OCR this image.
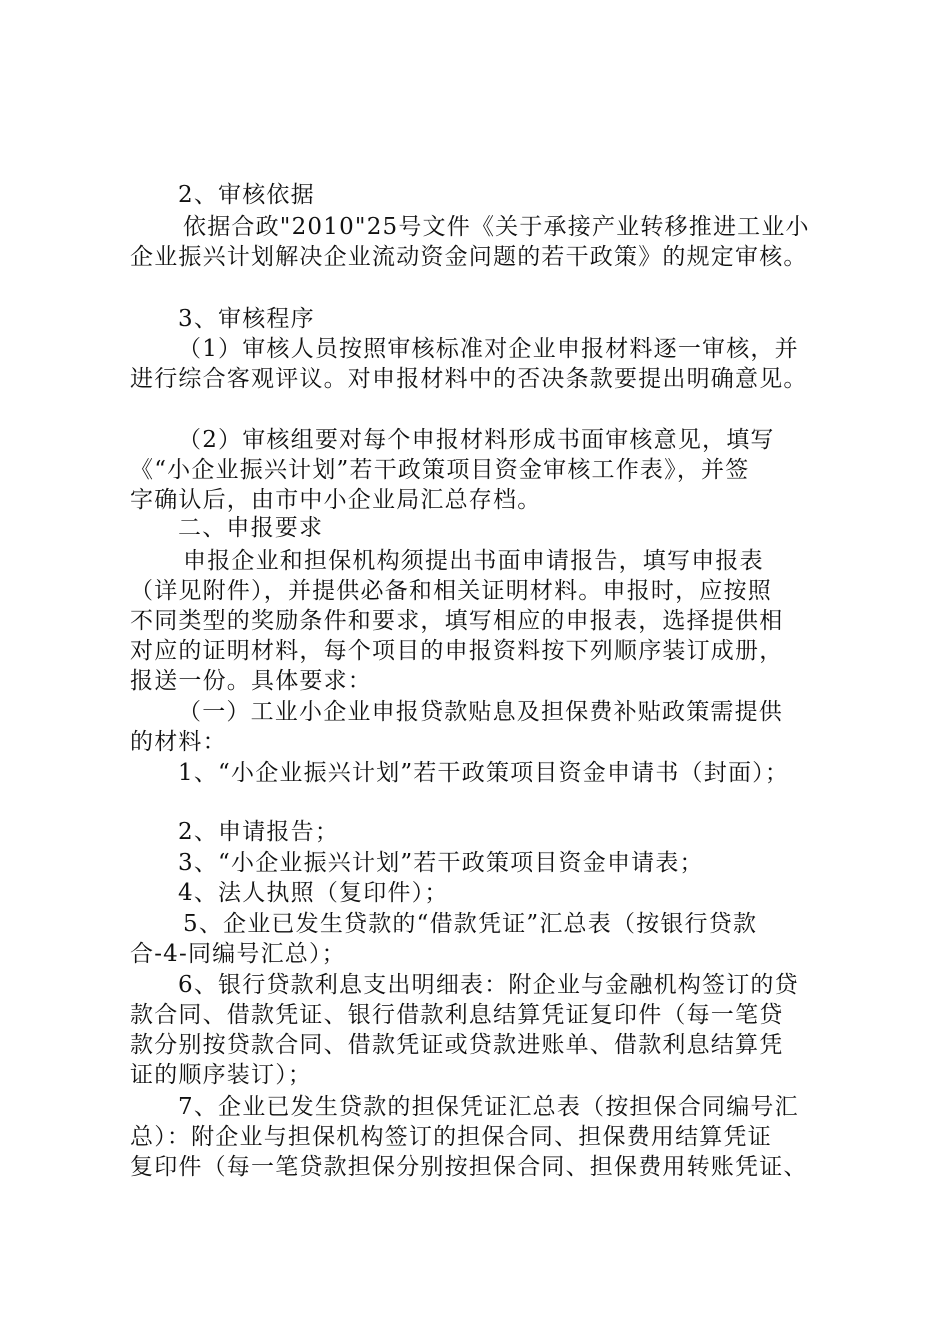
2、审核依据
依据合政"2010"25号文件《关于承接产业转移推进工业小
企业振兴计划解决企业流动资金问题的若干政策》的规定审核。
3、审核程序
（1）审核人员按照审核标准对企业申报材料逐一审核，并
进行综合客观评议。对申报材料中的否决条款要提出明确意见。
（2）审核组要对每个申报材料形成书面审核意见，填写
《“小企业振兴计划”若干政策项目资金审核工作表》，并签
字确认后，由市中小企业局汇总存档。
二、申报要求
申报企业和担保机构须提出书面申请报告，填写申报表
（详见附件），并提供必备和相关证明材料。申报时，应按照
不同类型的奖励条件和要求，填写相应的申报表，选择提供相
对应的证明材料，每个项目的申报资料按下列顺序装订成册，
报送一份。具体要求：
（一）工业小企业申报贷款贴息及担保费补贴政策需提供
的材料：
1、“小企业振兴计划”若干政策项目资金申请书（封面）；
2、申请报告；
3、“小企业振兴计划”若干政策项目资金申请表；
4、法人执照（复印件）；
5、企业已发生贷款的“借款凭证”汇总表（按银行贷款
合-4-同编号汇总）；
6、银行贷款利息支出明细表：附企业与金融机构签订的贷
款合同、借款凭证、银行借款利息结算凭证复印件（每一笔贷
款分别按贷款合同、借款凭证或贷款进账单、借款利息结算凭
证的顺序装订）；
7、企业已发生贷款的担保凭证汇总表（按担保合同编号汇
总）：附企业与担保机构签订的担保合同、担保费用结算凭证
复印件（每一笔贷款担保分别按担保合同、担保费用转账凭证、
